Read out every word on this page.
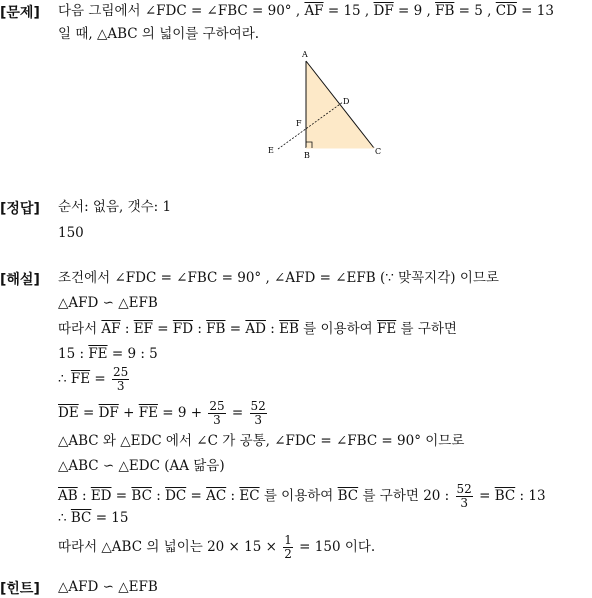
[문제] 다음 그림에서 ∠FDC = ∠FBC = 90° , $\overline{AF} = 15$ , $\overline{DF} = 9$ , $\overline{FB} = 5$ , $\overline{CD} = 13$
일 때, △ABC 의 넓이를 구하여라.
A
D
F
E
B	C
[정답] 순서: 없음, 갯수: 1
150
[해설] 조건에서 ∠FDC = ∠FBC = 90° , ∠AFD = ∠EFB (∵ 맞꼭지각) 이므로
△AFD ∽ △EFB
따라서 $\overline{AF}$ : $\overline{EF} = \overline{FD}$ : $\overline{FB} = \overline{AD}$ : $\overline{EB}$ 를 이용하여 $\overline{FE}$ 를 구하면
15 : $\overline{FE} = 9$ : 5
∴ $\overline{FE} = \frac{25}{3}$
$\overline{DE} = \overline{DF} + \overline{FE} = 9 + \frac{25}{3} = \frac{52}{3}$
△ABC 와 △EDC 에서 ∠C 가 공통, ∠FDC = ∠FBC = 90° 이므로
△ABC ∽ △EDC (AA 닮음)
$\overline{AB}$ : $\overline{ED} = \overline{BC}$ : $\overline{DC} = \overline{AC}$ : $\overline{EC}$ 를 이용하여 $\overline{BC}$ 를 구하면 20 : $\frac{52}{3} = \overline{BC}$ : 13
∴ $\overline{BC} = 15$
따라서 △ABC 의 넓이는 $20 \times 15 \times \frac{1}{2} = 150$ 이다.
[힌트] △AFD ∽ △EFB
